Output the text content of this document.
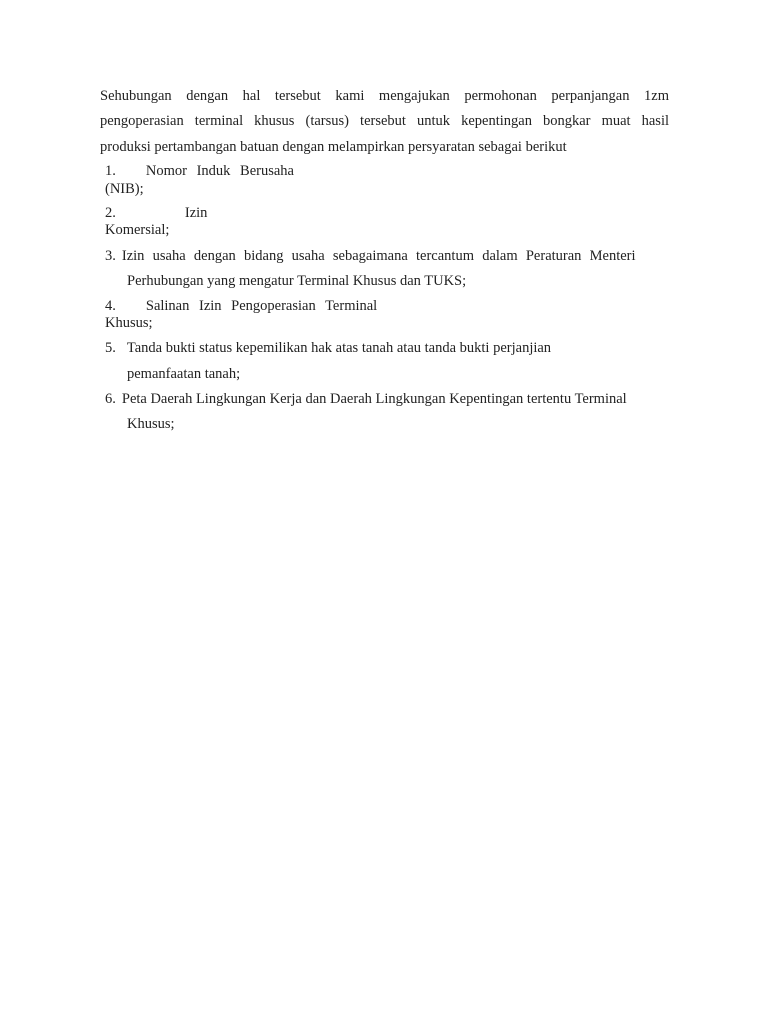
Sehubungan dengan hal tersebut kami mengajukan permohonan perpanjangan 1zm
pengoperasian terminal khusus (tarsus) tersebut untuk kepentingan bongkar muat hasil
produksi pertambangan batuan dengan melampirkan persyaratan sebagai berikut
1. Nomor Induk Berusaha
(NIB);
2.	Izin
Komersial;
3. Izin usaha dengan bidang usaha sebagaimana tercantum dalam Peraturan Menteri
Perhubungan yang mengatur Terminal Khusus dan TUKS;
4. Salinan Izin Pengoperasian Terminal
Khusus;
5. Tanda bukti status kepemilikan hak atas tanah atau tanda bukti perjanjian
pemanfaatan tanah;
6. Peta Daerah Lingkungan Kerja dan Daerah Lingkungan Kepentingan tertentu Terminal
Khusus;
